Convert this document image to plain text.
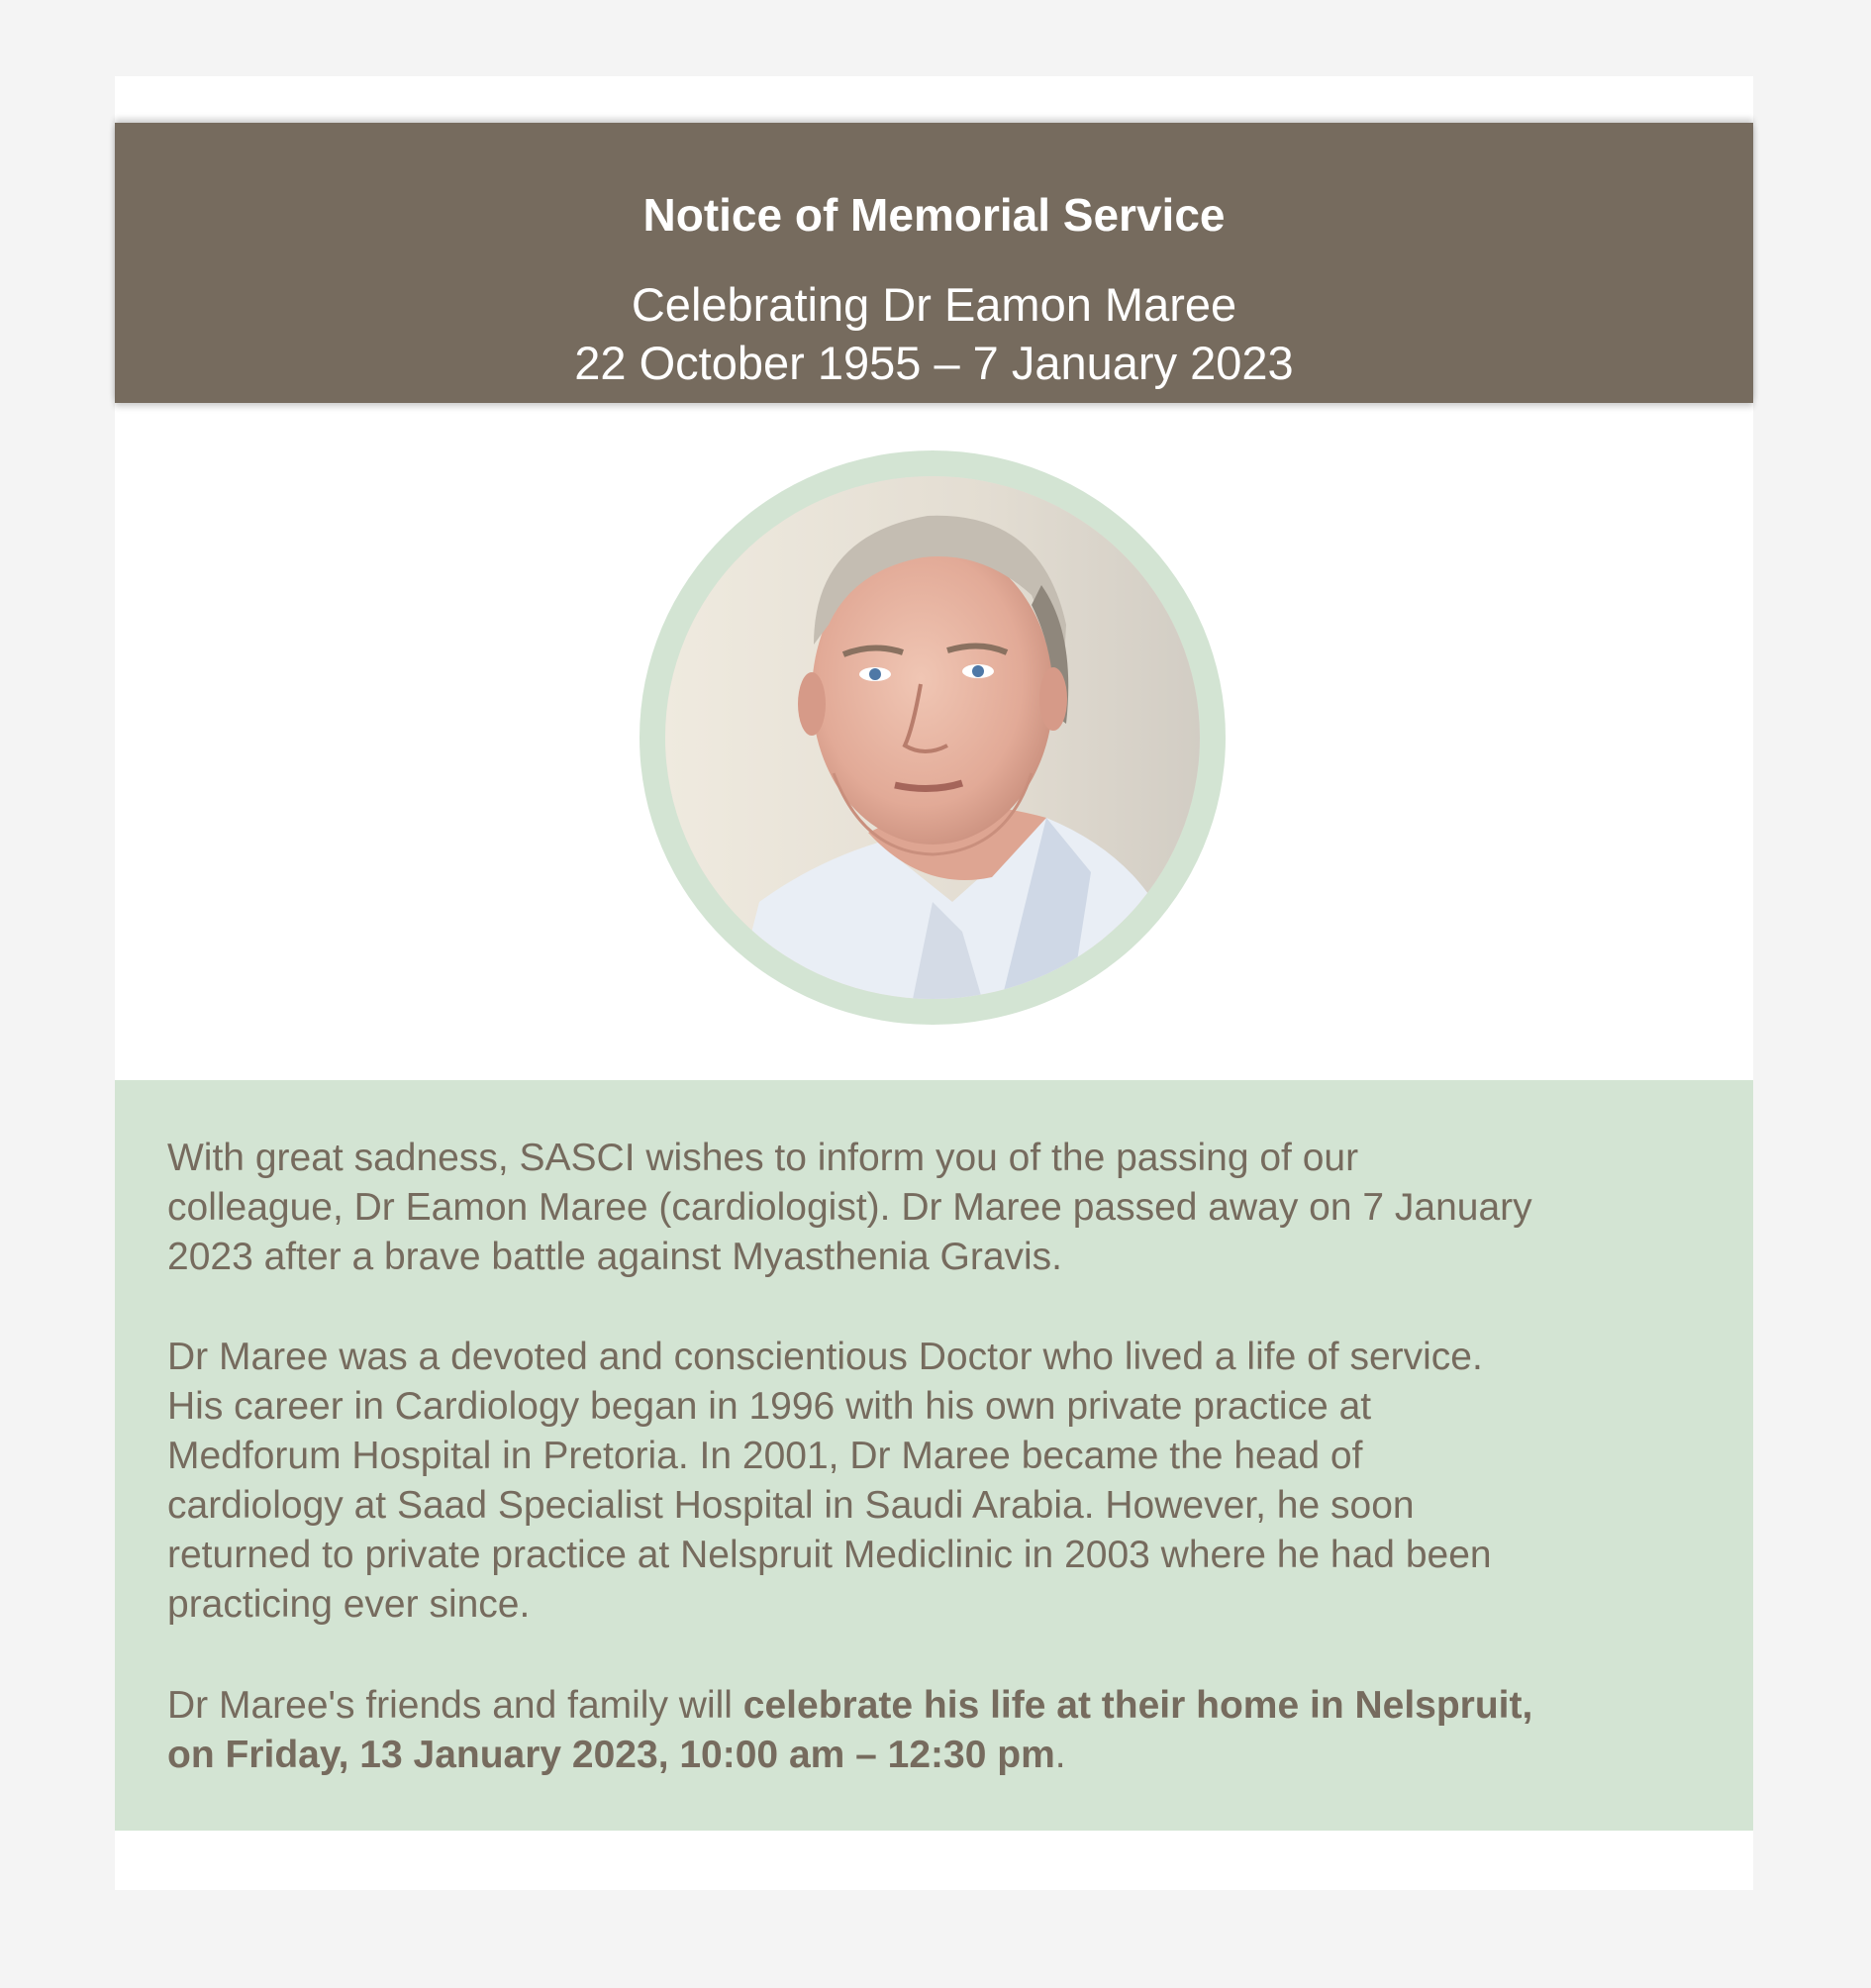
Notice of Memorial Service
Celebrating Dr Eamon Maree
22 October 1955 – 7 January 2023
With great sadness, SASCI wishes to inform you of the passing of our
colleague, Dr Eamon Maree (cardiologist). Dr Maree passed away on 7 January
2023 after a brave battle against Myasthenia Gravis.
Dr Maree was a devoted and conscientious Doctor who lived a life of service.
His career in Cardiology began in 1996 with his own private practice at
Medforum Hospital in Pretoria. In 2001, Dr Maree became the head of
cardiology at Saad Specialist Hospital in Saudi Arabia. However, he soon
returned to private practice at Nelspruit Mediclinic in 2003 where he had been
practicing ever since.
Dr Maree's friends and family will celebrate his life at their home in Nelspruit,
on Friday, 13 January 2023, 10:00 am – 12:30 pm.
